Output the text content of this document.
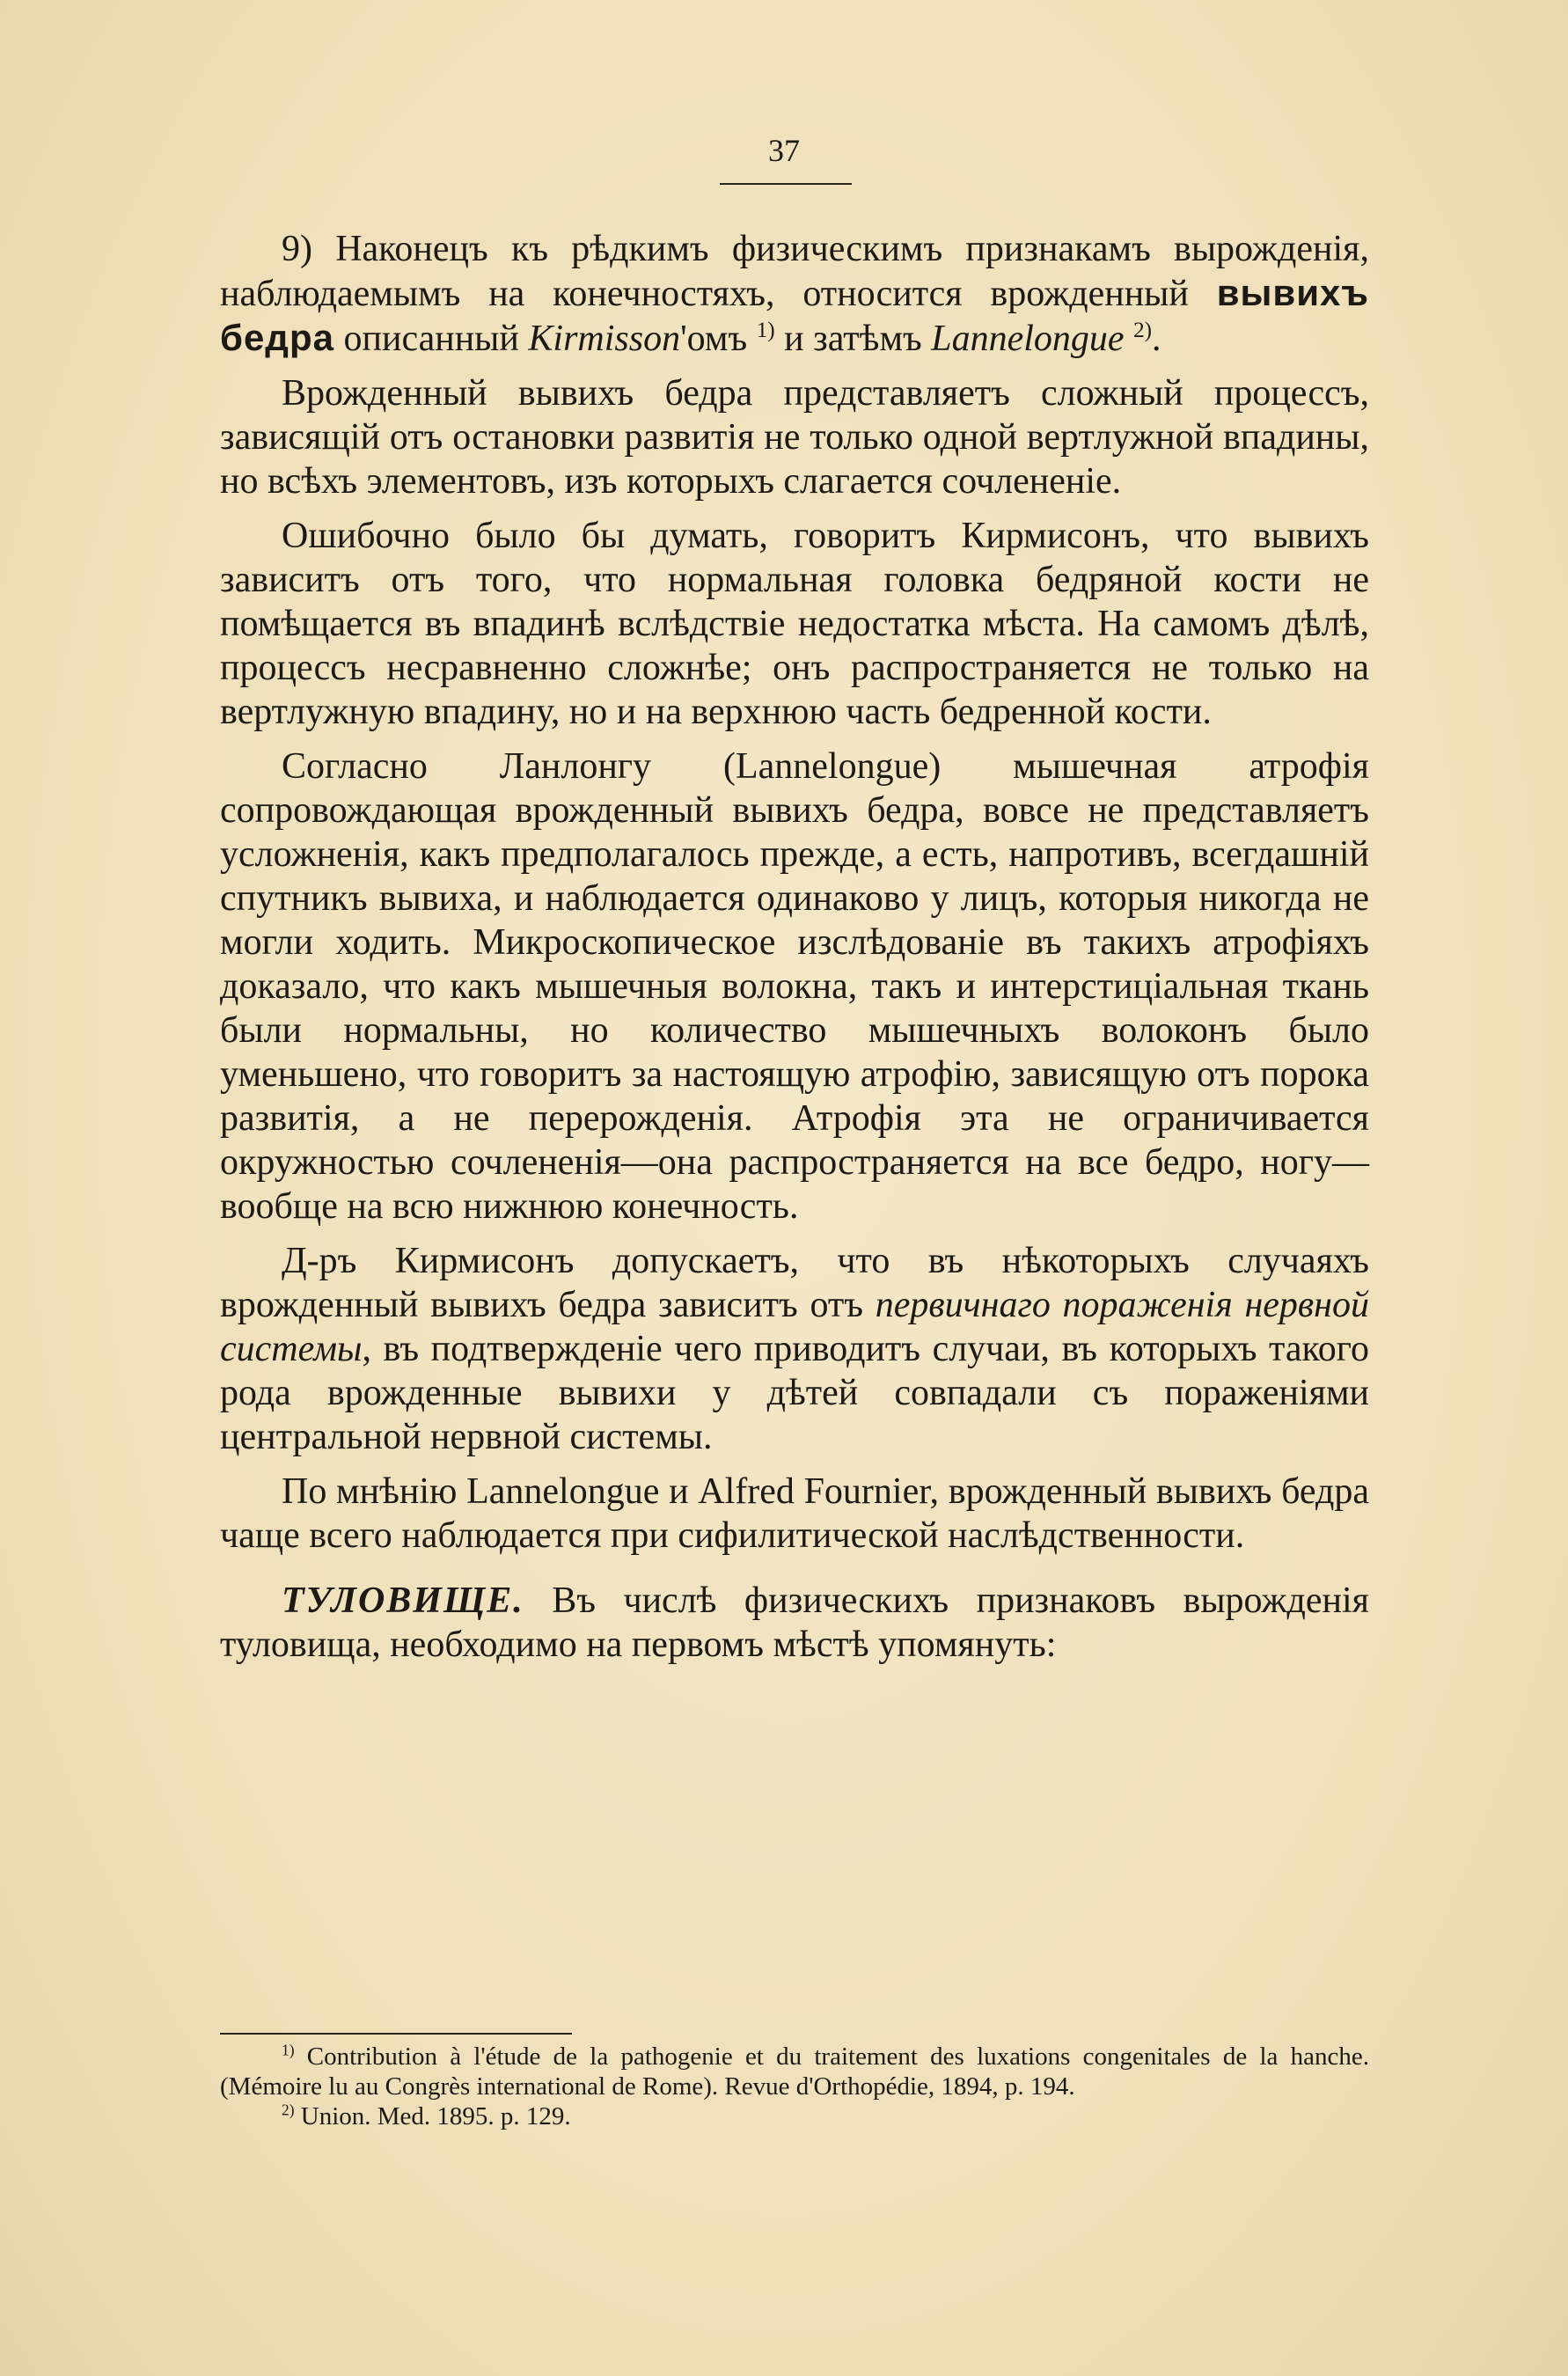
37

9) Наконецъ къ рѣдкимъ физическимъ признакамъ вырожденія, наблюдаемымъ на конечностяхъ, относится врожденный вывихъ бедра описанный Kirmisson'омъ $^{1)}$ и затѣмъ Lannelongue $^{2)}$.

Врожденный вывихъ бедра представляетъ сложный процессъ, зависящій отъ остановки развитія не только одной вертлужной впадины, но всѣхъ элементовъ, изъ которыхъ слагается сочлененіе.

Ошибочно было бы думать, говоритъ Кирмисонъ, что вывихъ зависитъ отъ того, что нормальная головка бедряной кости не помѣщается въ впадинѣ вслѣдствіе недостатка мѣста. На самомъ дѣлѣ, процессъ несравненно сложнѣе; онъ распространяется не только на вертлужную впадину, но и на верхнюю часть бедренной кости.

Согласно Ланлонгу (Lannelongue) мышечная атрофія сопровождающая врожденный вывихъ бедра, вовсе не представляетъ усложненія, какъ предполагалось прежде, а есть, напротивъ, всегдашній спутникъ вывиха, и наблюдается одинаково у лицъ, которыя никогда не могли ходить. Микроскопическое изслѣдованіе въ такихъ атрофіяхъ доказало, что какъ мышечныя волокна, такъ и интерстиціальная ткань были нормальны, но количество мышечныхъ волоконъ было уменьшено, что говоритъ за настоящую атрофію, зависящую отъ порока развитія, а не перерожденія. Атрофія эта не ограничивается окружностью сочлененія—она распространяется на все бедро, ногу—вообще на всю нижнюю конечность.

Д-ръ Кирмисонъ допускаетъ, что въ нѣкоторыхъ случаяхъ врожденный вывихъ бедра зависитъ отъ первичнаго пораженія нервной системы, въ подтвержденіе чего приводитъ случаи, въ которыхъ такого рода врожденные вывихи у дѣтей совпадали съ пораженіями центральной нервной системы.

По мнѣнію Lannelongue и Alfred Fournier, врожденный вывихъ бедра чаще всего наблюдается при сифилитической наслѣдственности.

ТУЛОВИЩЕ. Въ числѣ физическихъ признаковъ вырожденія туловища, необходимо на первомъ мѣстѣ упомянуть:

$^{1)}$ Contribution à l'étude de la pathogenie et du traitement des luxations congenitales de la hanche. (Mémoire lu au Congrès international de Rome). Revue d'Orthopédie, 1894, p. 194.

$^{2)}$ Union. Med. 1895. p. 129.
